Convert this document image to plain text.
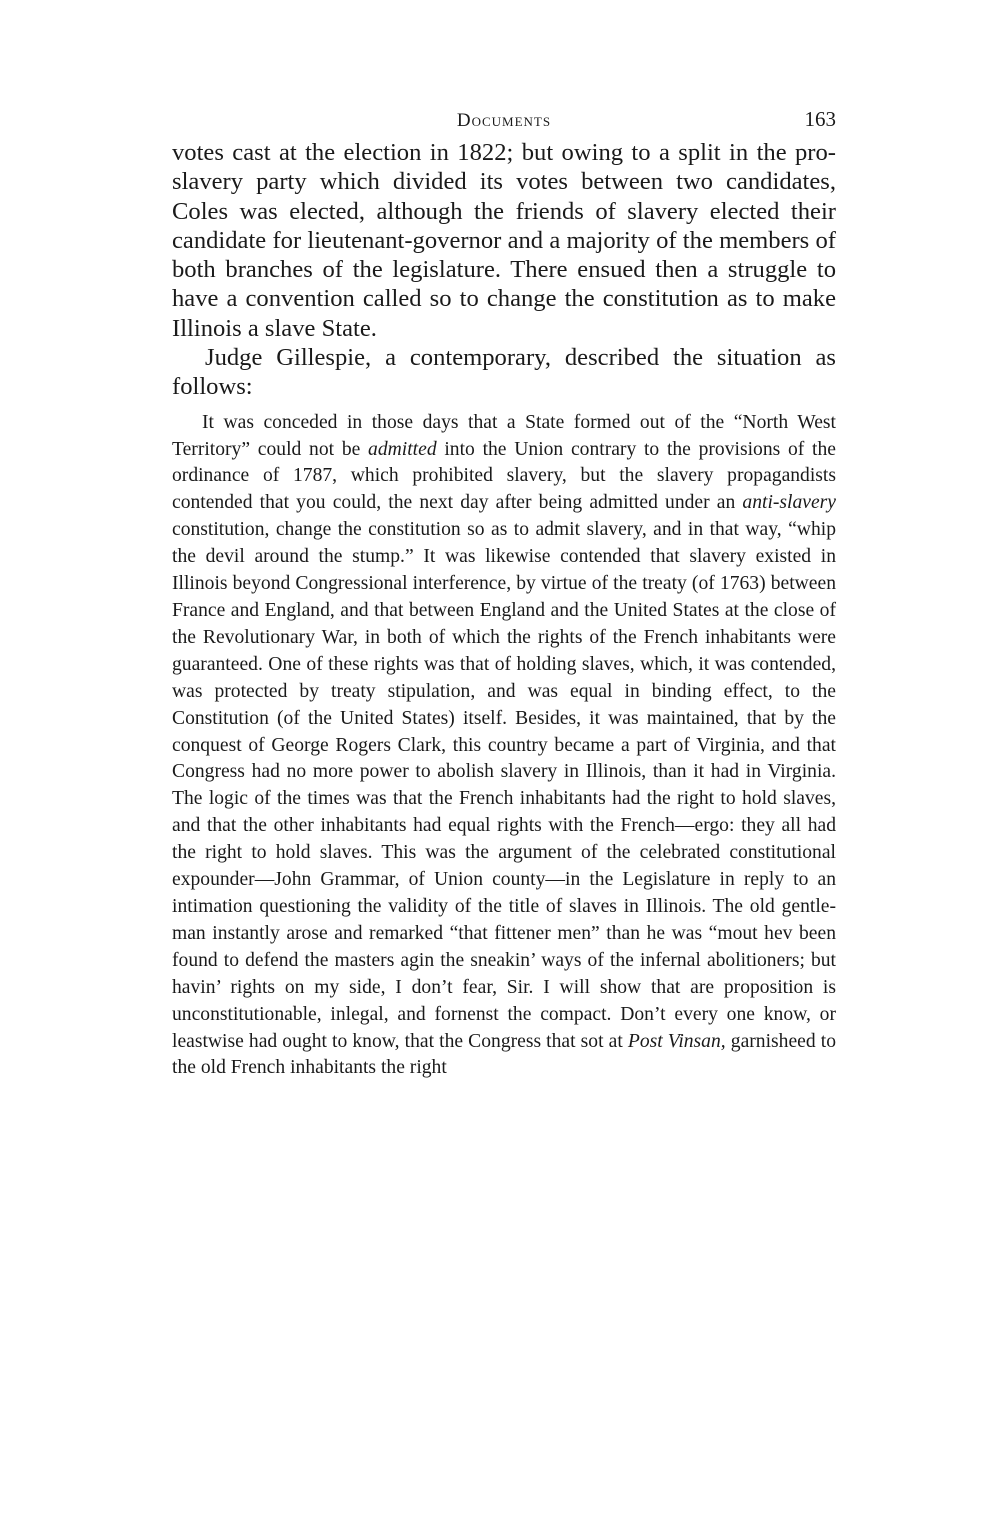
Documents	163

votes cast at the election in 1822; but owing to a split in the pro-slavery party which divided its votes between two candidates, Coles was elected, although the friends of slavery elected their candidate for lieutenant-governor and a majority of the members of both branches of the legislature. There ensued then a struggle to have a convention called so to change the constitution as to make Illinois a slave State.

Judge Gillespie, a contemporary, described the situation as follows:

It was conceded in those days that a State formed out of the “North West Territory” could not be admitted into the Union contrary to the provisions of the ordinance of 1787, which prohibited slavery, but the slavery propagandists contended that you could, the next day after being admitted under an anti-slavery constitution, change the constitution so as to admit slavery, and in that way, “whip the devil around the stump.” It was likewise contended that slavery existed in Illinois beyond Congressional interference, by virtue of the treaty (of 1763) between France and England, and that between England and the United States at the close of the Revolutionary War, in both of which the rights of the French inhabitants were guaranteed. One of these rights was that of holding slaves, which, it was contended, was protected by treaty stipulation, and was equal in binding effect, to the Constitution (of the United States) itself. Besides, it was maintained, that by the conquest of George Rogers Clark, this country became a part of Virginia, and that Congress had no more power to abolish slavery in Illinois, than it had in Virginia. The logic of the times was that the French inhabitants had the right to hold slaves, and that the other inhabitants had equal rights with the French—ergo: they all had the right to hold slaves. This was the argument of the celebrated constitutional expounder—John Grammar, of Union county—in the Legislature in reply to an intimation questioning the validity of the title of slaves in Illinois. The old gentleman instantly arose and remarked “that fittener men” than he was “mout hev been found to defend the masters agin the sneakin’ ways of the infernal abolitioners; but havin’ rights on my side, I don’t fear, Sir. I will show that are proposition is unconstitutionable, inlegal, and fornenst the compact. Don’t every one know, or leastwise had ought to know, that the Congress that sot at Post Vinsan, garnisheed to the old French inhabitants the right
